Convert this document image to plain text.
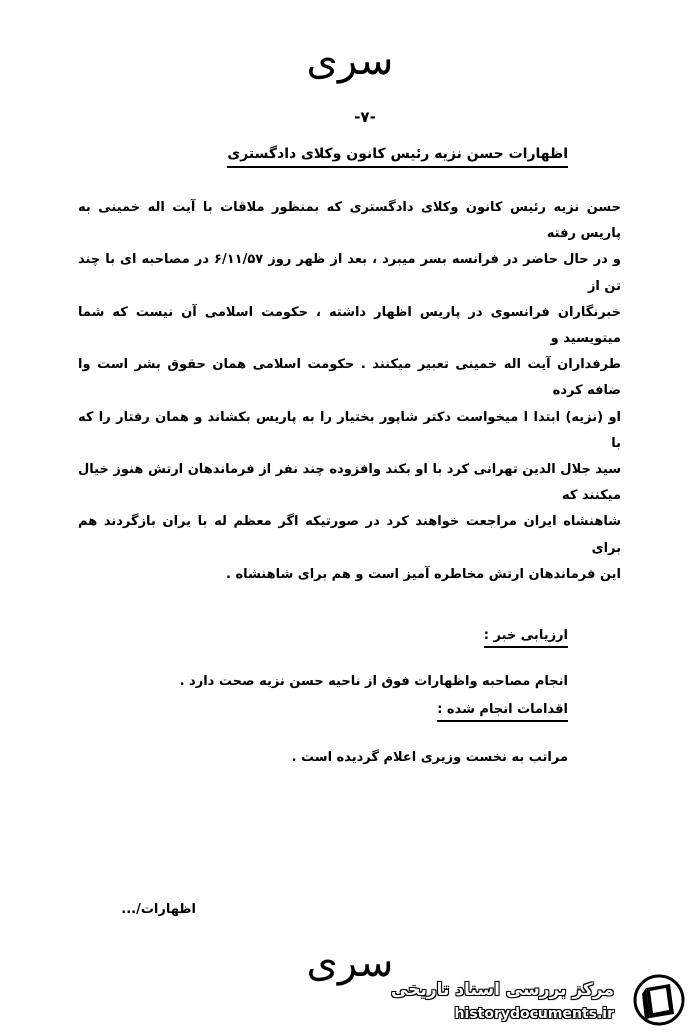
سری
-۷-
اظهارات حسن نزیه رئیس کانون وکلای دادگستری

حسن نزیه رئیس کانون وکلای دادگستری که بمنظور ملاقات با آیت اله خمینی به پاریس رفته

و در حال حاضر در فرانسه بسر میبرد ، بعد از ظهر روز ۶/۱۱/۵۷ در مصاحبه ای با چند تن از

خبرنگاران فرانسوی در پاریس اظهار داشته ، حکومت اسلامی آن نیست که شما میتویسید و

طرفداران آیت اله خمینی تعبیر میکنند . حکومت اسلامی همان حقوق بشر است وا ضافه کرده

او (نزیه) ابتدا ا میخواست دکتر شاپور بختیار را به پاریس بکشاند و همان رفتار را که با

سید جلال الدین تهرانی کرد با او بکند وافزوده چند نفر از فرماندهان ارتش هنوز خیال میکنند که

شاهنشاه ایران مراجعت خواهند کرد در صورتیکه اگر معظم له با یران بازگردند هم برای

این فرماندهان ارتش مخاطره آمیز است و هم برای شاهنشاه .

ارزیابی خبر :
انجام مصاحبه واظهارات فوق از ناحیه حسن نزیه صحت دارد .
اقدامات انجام شده :
مراتب به نخست وزیری اعلام گردیده است .
اظهارات/...
سری
مرکز بررسی اسناد تاریخی
historydocuments.ir
